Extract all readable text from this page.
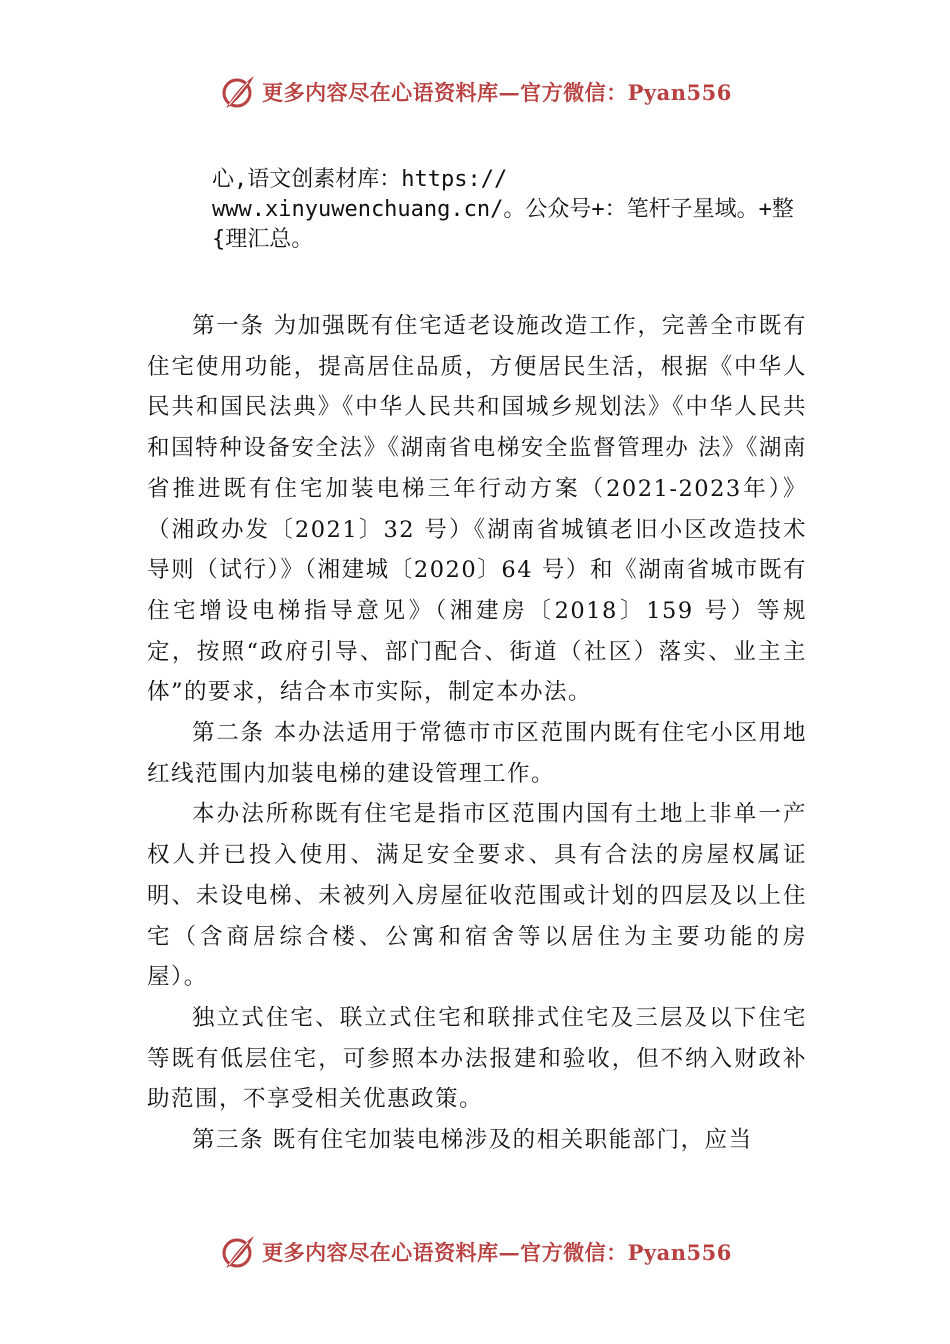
更多内容尽在心语资料库—官方微信：Pyan556
心,语文创素材库：https://
www.xinyuwenchuang.cn/。公众号+：笔杆子星域。+整
{理汇总。

第一条 为加强既有住宅适老设施改造工作，完善全市既有住宅使用功能，提高居住品质，方便居民生活，根据《中华人民共和国民法典》《中华人民共和国城乡规划法》《中华人民共和国特种设备安全法》《湖南省电梯安全监督管理办 法》《湖南省推进既有住宅加装电梯三年行动方案（2021-2023年）》（湘政办发〔2021〕32 号）《湖南省城镇老旧小区改造技术导则（试行）》（湘建城〔2020〕64 号）和《湖南省城市既有住宅增设电梯指导意见》（湘建房〔2018〕159 号）等规定，按照“政府引导、部门配合、街道（社区）落实、业主主体”的要求，结合本市实际，制定本办法。

第二条 本办法适用于常德市市区范围内既有住宅小区用地红线范围内加装电梯的建设管理工作。

本办法所称既有住宅是指市区范围内国有土地上非单一产权人并已投入使用、满足安全要求、具有合法的房屋权属证明、未设电梯、未被列入房屋征收范围或计划的四层及以上住宅（含商居综合楼、公寓和宿舍等以居住为主要功能的房屋）。

独立式住宅、联立式住宅和联排式住宅及三层及以下住宅等既有低层住宅，可参照本办法报建和验收，但不纳入财政补助范围，不享受相关优惠政策。

第三条 既有住宅加装电梯涉及的相关职能部门，应当

更多内容尽在心语资料库—官方微信：Pyan556
